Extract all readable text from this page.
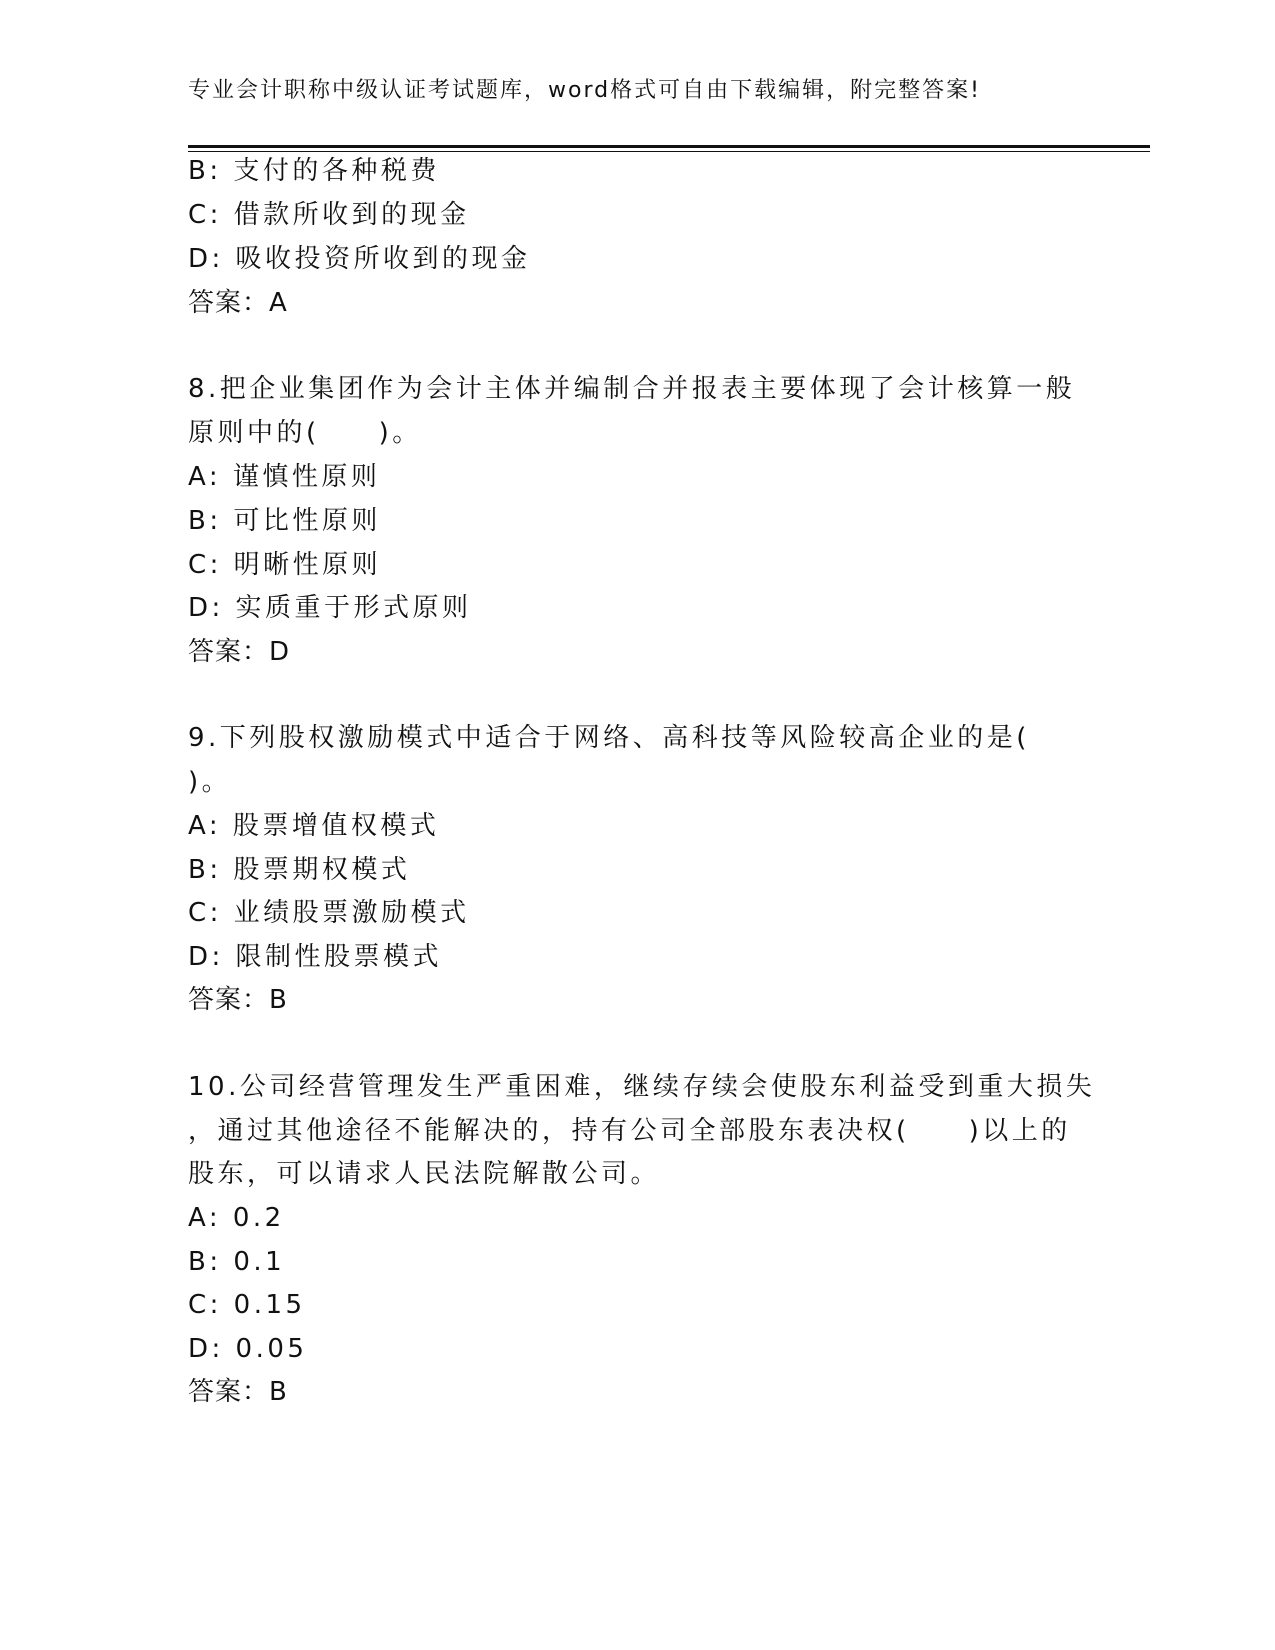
专业会计职称中级认证考试题库，word格式可自由下载编辑，附完整答案!
B: 支付的各种税费
C: 借款所收到的现金
D: 吸收投资所收到的现金
答案：A
8.把企业集团作为会计主体并编制合并报表主要体现了会计核算一般
原则中的(　　)。
A: 谨慎性原则
B: 可比性原则
C: 明晰性原则
D: 实质重于形式原则
答案：D
9.下列股权激励模式中适合于网络、高科技等风险较高企业的是(
)。
A: 股票增值权模式
B: 股票期权模式
C: 业绩股票激励模式
D: 限制性股票模式
答案：B
10.公司经营管理发生严重困难，继续存续会使股东利益受到重大损失
，通过其他途径不能解决的，持有公司全部股东表决权(　　)以上的
股东，可以请求人民法院解散公司。
A: 0.2
B: 0.1
C: 0.15
D: 0.05
答案：B
